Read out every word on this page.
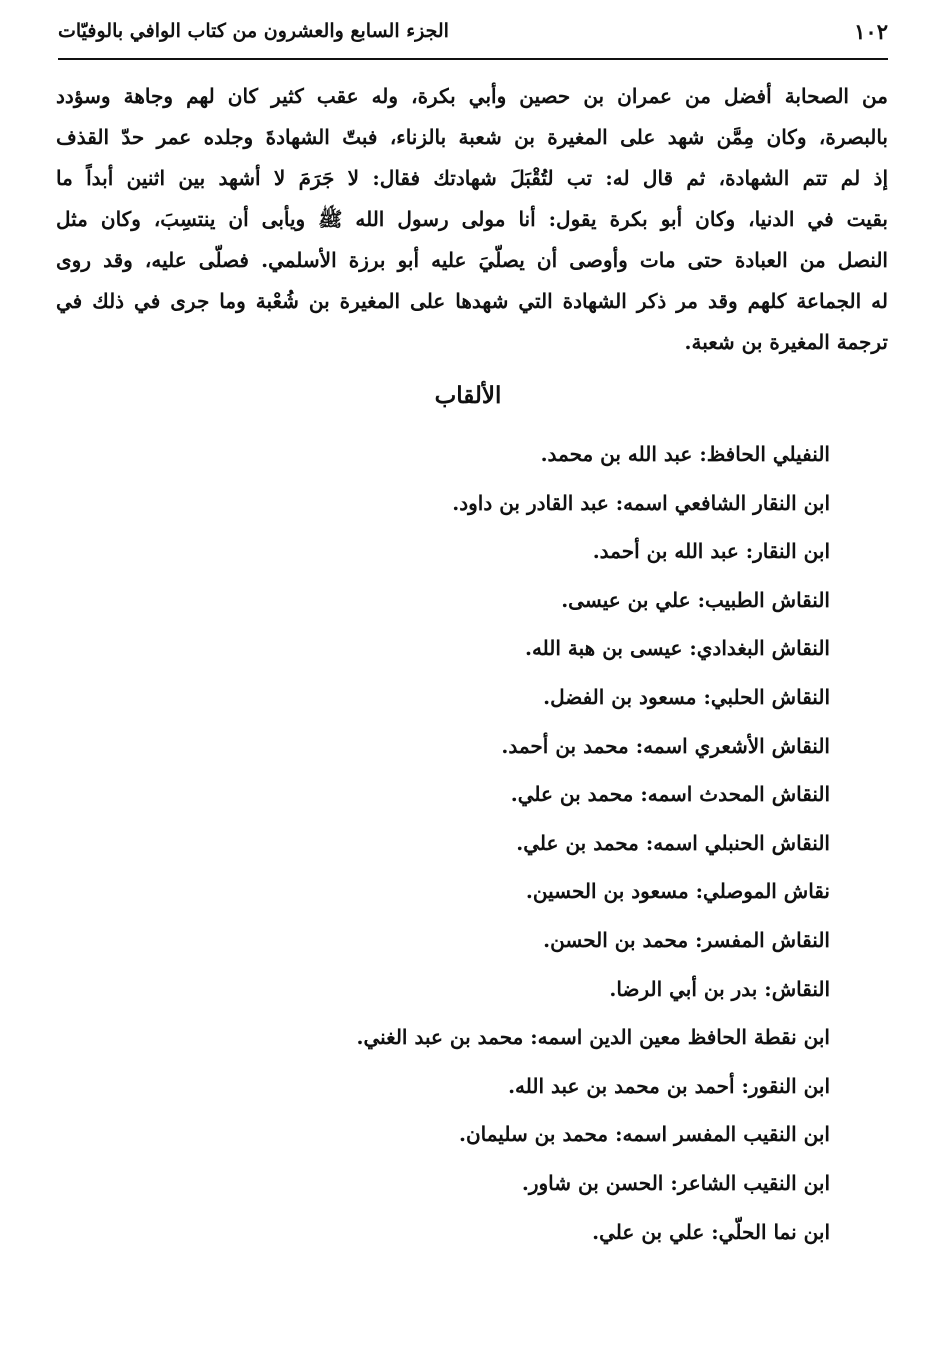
١٠٢
الجزء السابع والعشرون من كتاب الوافي بالوفيّات
من الصحابة أفضل من عمران بن حصين وأبي بكرة، وله عقب كثير كان لهم وجاهة وسؤدد
بالبصرة، وكان مِمَّن شهد على المغيرة بن شعبة بالزناء، فبتّ الشهادةَ وجلده عمر حدّ القذف
إذ لم تتم الشهادة، ثم قال له: تب لتُقْبَلَ شهادتك فقال: لا جَرَمَ لا أشهد بين اثنين أبداً ما
بقيت في الدنيا، وكان أبو بكرة يقول: أنا مولى رسول الله ﷺ ويأبى أن ينتسِبَ، وكان مثل
النصل من العبادة حتى مات وأوصى أن يصلّيَ عليه أبو برزة الأسلمي. فصلّى عليه، وقد روى
له الجماعة كلهم وقد مر ذكر الشهادة التي شهدها على المغيرة بن شُعْبة وما جرى في ذلك في
ترجمة المغيرة بن شعبة.
الألقاب
النفيلي الحافظ: عبد الله بن محمد.
ابن النقار الشافعي اسمه: عبد القادر بن داود.
ابن النقار: عبد الله بن أحمد.
النقاش الطبيب: علي بن عيسى.
النقاش البغدادي: عيسى بن هبة الله.
النقاش الحلبي: مسعود بن الفضل.
النقاش الأشعري اسمه: محمد بن أحمد.
النقاش المحدث اسمه: محمد بن علي.
النقاش الحنبلي اسمه: محمد بن علي.
نقاش الموصلي: مسعود بن الحسين.
النقاش المفسر: محمد بن الحسن.
النقاش: بدر بن أبي الرضا.
ابن نقطة الحافظ معين الدين اسمه: محمد بن عبد الغني.
ابن النقور: أحمد بن محمد بن عبد الله.
ابن النقيب المفسر اسمه: محمد بن سليمان.
ابن النقيب الشاعر: الحسن بن شاور.
ابن نما الحلّي: علي بن علي.
